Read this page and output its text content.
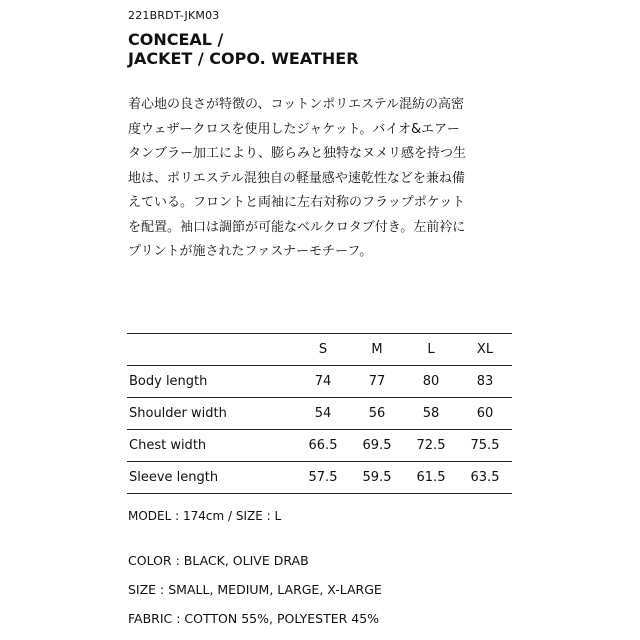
221BRDT-JKM03
CONCEAL /
JACKET / COPO. WEATHER
着心地の良さが特徴の、コットンポリエステル混紡の高密
度ウェザークロスを使用したジャケット。バイオ&エアー
タンブラー加工により、膨らみと独特なヌメリ感を持つ生
地は、ポリエステル混独自の軽量感や速乾性などを兼ね備
えている。フロントと両袖に左右対称のフラップポケット
を配置。袖口は調節が可能なベルクロタブ付き。左前衿に
プリントが施されたファスナーモチーフ。
	S	M	L	XL
Body length	74	77	80	83
Shoulder width	54	56	58	60
Chest width	66.5	69.5	72.5	75.5
Sleeve length	57.5	59.5	61.5	63.5
MODEL : 174cm / SIZE : L
COLOR : BLACK, OLIVE DRAB
SIZE : SMALL, MEDIUM, LARGE, X-LARGE
FABRIC : COTTON 55%, POLYESTER 45%
